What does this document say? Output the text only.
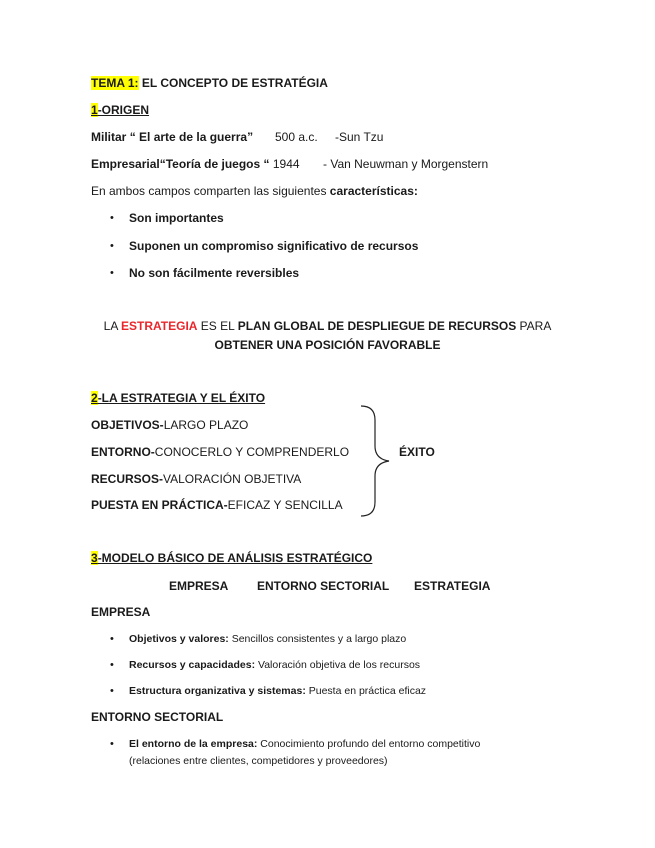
TEMA 1: EL CONCEPTO DE ESTRATÉGIA
1-ORIGEN
Militar “ El arte de la guerra” 500 a.c. -Sun Tzu
Empresarial“Teoría de juegos “ 1944 - Van Neuwman y Morgenstern
En ambos campos comparten las siguientes características:
• Son importantes
• Suponen un compromiso significativo de recursos
• No son fácilmente reversibles
LA ESTRATEGIA ES EL PLAN GLOBAL DE DESPLIEGUE DE RECURSOS PARA
OBTENER UNA POSICIÓN FAVORABLE
2-LA ESTRATEGIA Y EL ÉXITO
OBJETIVOS-LARGO PLAZO
ENTORNO-CONOCERLO Y COMPRENDERLO
RECURSOS-VALORACIÓN OBJETIVA
PUESTA EN PRÁCTICA-EFICAZ Y SENCILLA
ÉXITO
3-MODELO BÁSICO DE ANÁLISIS ESTRATÉGICO
EMPRESA ENTORNO SECTORIAL ESTRATEGIA
EMPRESA
• Objetivos y valores: Sencillos consistentes y a largo plazo
• Recursos y capacidades: Valoración objetiva de los recursos
• Estructura organizativa y sistemas: Puesta en práctica eficaz
ENTORNO SECTORIAL
• El entorno de la empresa: Conocimiento profundo del entorno competitivo
(relaciones entre clientes, competidores y proveedores)
